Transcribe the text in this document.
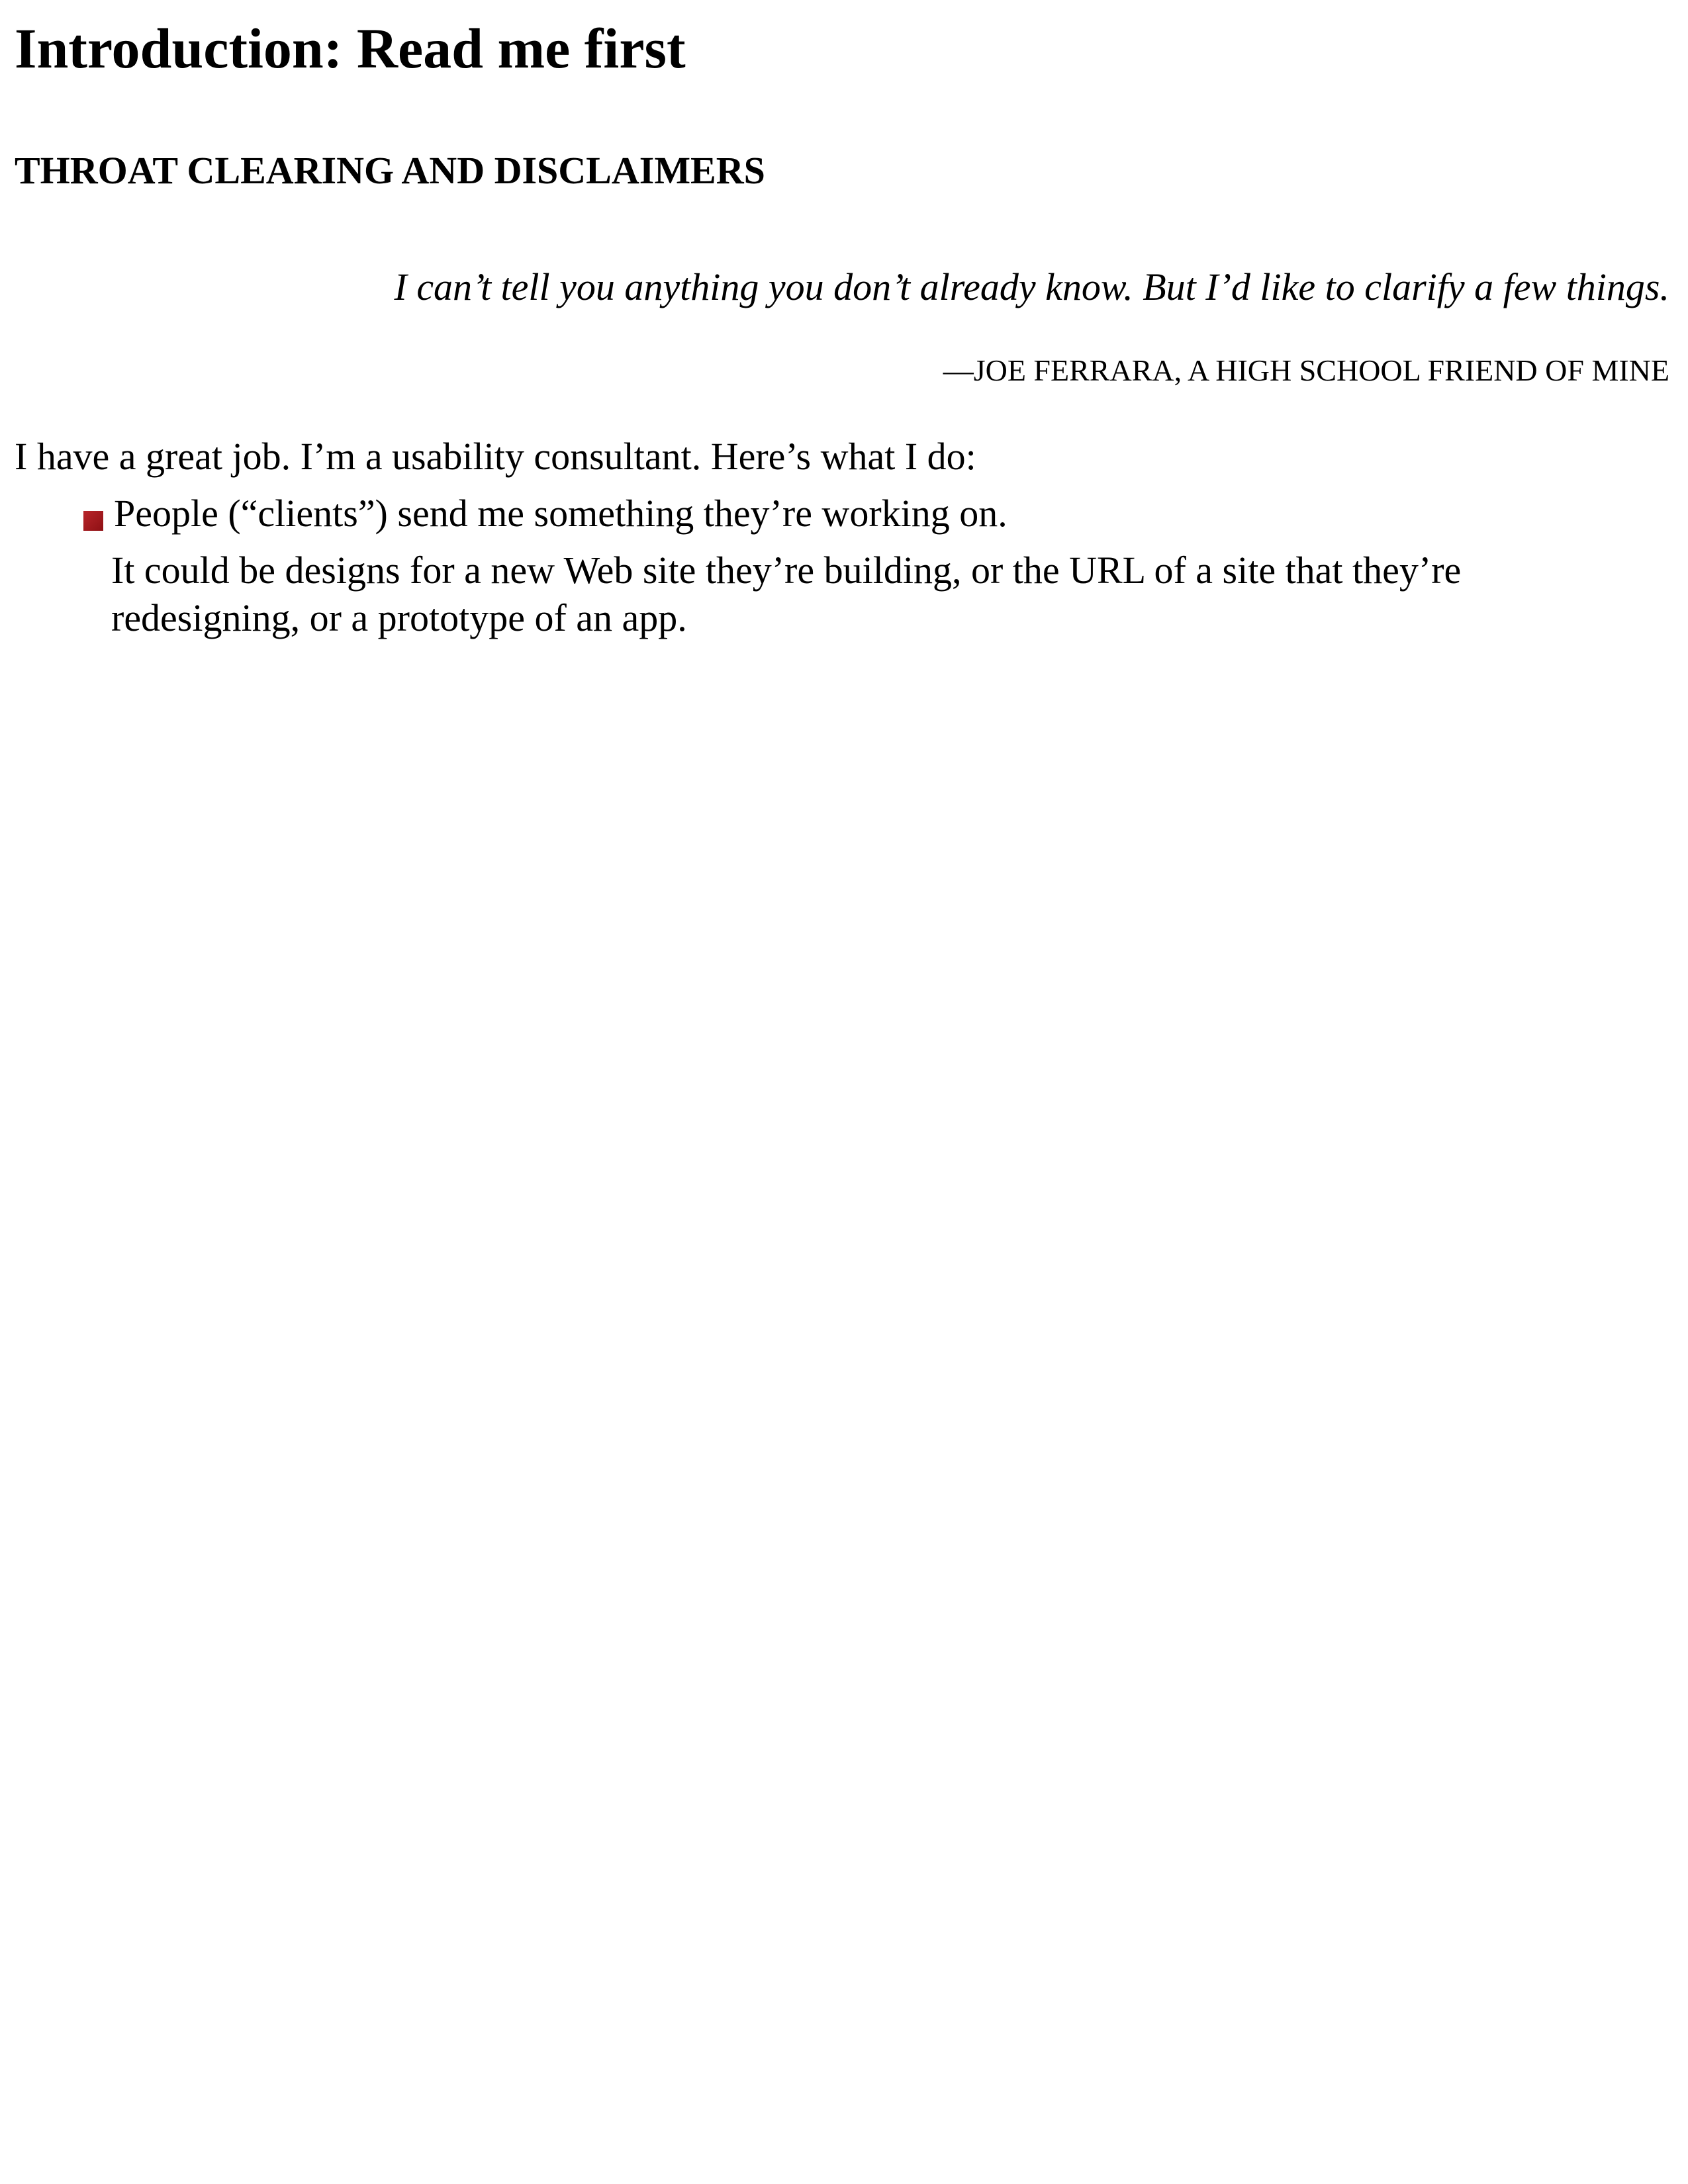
Introduction: Read me first
THROAT CLEARING AND DISCLAIMERS

I can’t tell you anything you don’t already know. But I’d like to clarify a few things.

—JOE FERRARA, A HIGH SCHOOL FRIEND OF MINE

I have a great job. I’m a usability consultant. Here’s what I do:

People (“clients”) send me something they’re working on.

It could be designs for a new Web site they’re building, or the URL of a site that they’re redesigning, or a prototype of an app.
